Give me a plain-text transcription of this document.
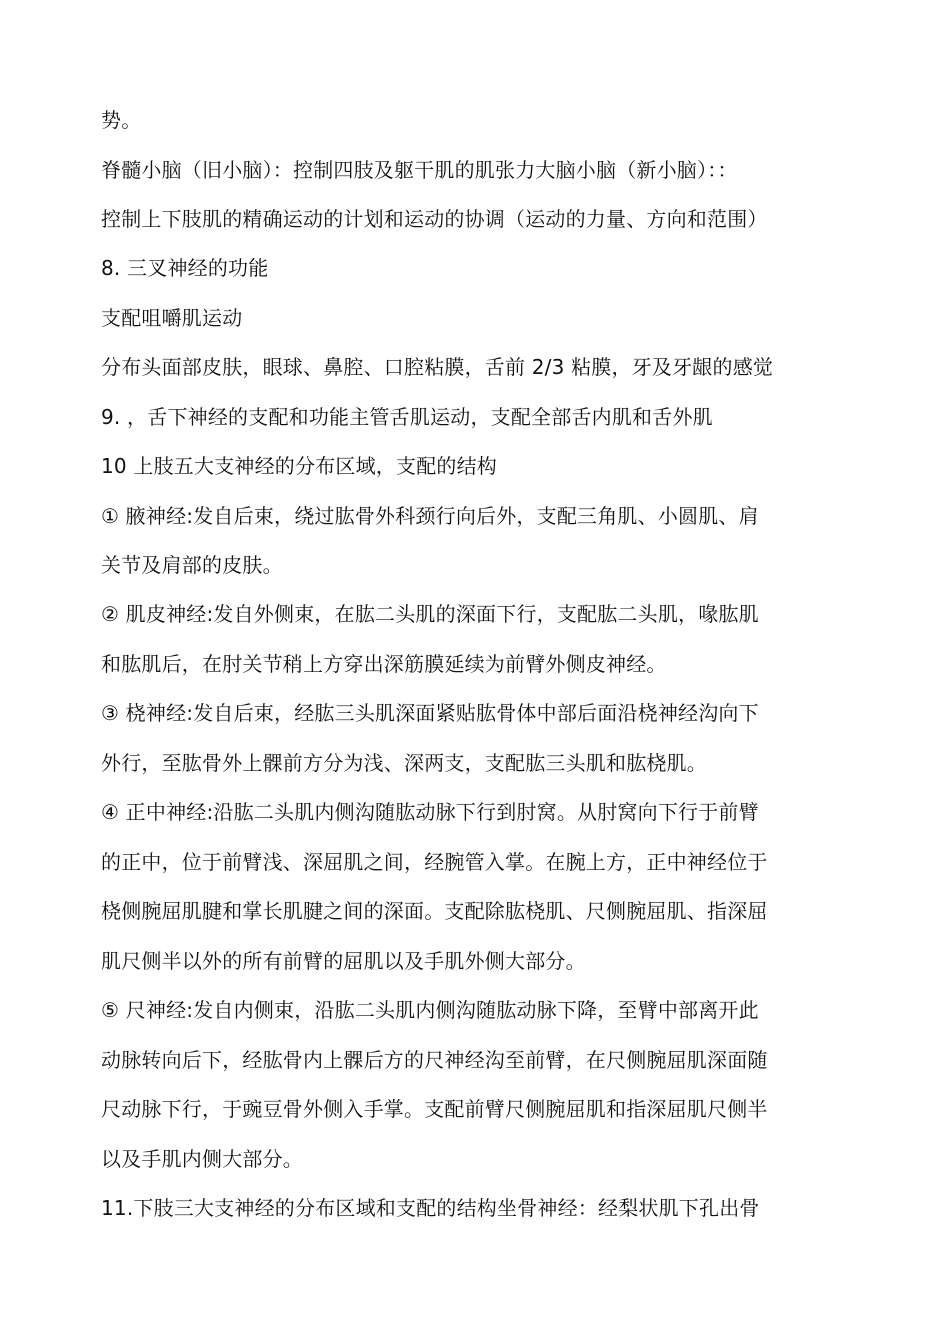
势。
脊髓小脑（旧小脑）：控制四肢及躯干肌的肌张力大脑小脑（新小脑）：：
控制上下肢肌的精确运动的计划和运动的协调（运动的力量、方向和范围）
8. 三叉神经的功能
支配咀嚼肌运动
分布头面部皮肤，眼球、鼻腔、口腔粘膜，舌前 2/3 粘膜，牙及牙龈的感觉
9. ，舌下神经的支配和功能主管舌肌运动，支配全部舌内肌和舌外肌
10 上肢五大支神经的分布区域，支配的结构
① 腋神经:发自后束，绕过肱骨外科颈行向后外，支配三角肌、小圆肌、肩
关节及肩部的皮肤。
② 肌皮神经:发自外侧束，在肱二头肌的深面下行，支配肱二头肌，喙肱肌
和肱肌后，在肘关节稍上方穿出深筋膜延续为前臂外侧皮神经。
③ 桡神经:发自后束，经肱三头肌深面紧贴肱骨体中部后面沿桡神经沟向下
外行，至肱骨外上髁前方分为浅、深两支，支配肱三头肌和肱桡肌。
④ 正中神经:沿肱二头肌内侧沟随肱动脉下行到肘窝。从肘窝向下行于前臂
的正中，位于前臂浅、深屈肌之间，经腕管入掌。在腕上方，正中神经位于
桡侧腕屈肌腱和掌长肌腱之间的深面。支配除肱桡肌、尺侧腕屈肌、指深屈
肌尺侧半以外的所有前臂的屈肌以及手肌外侧大部分。
⑤ 尺神经:发自内侧束，沿肱二头肌内侧沟随肱动脉下降，至臂中部离开此
动脉转向后下，经肱骨内上髁后方的尺神经沟至前臂，在尺侧腕屈肌深面随
尺动脉下行，于豌豆骨外侧入手掌。支配前臂尺侧腕屈肌和指深屈肌尺侧半
以及手肌内侧大部分。
11.下肢三大支神经的分布区域和支配的结构坐骨神经：经梨状肌下孔出骨
